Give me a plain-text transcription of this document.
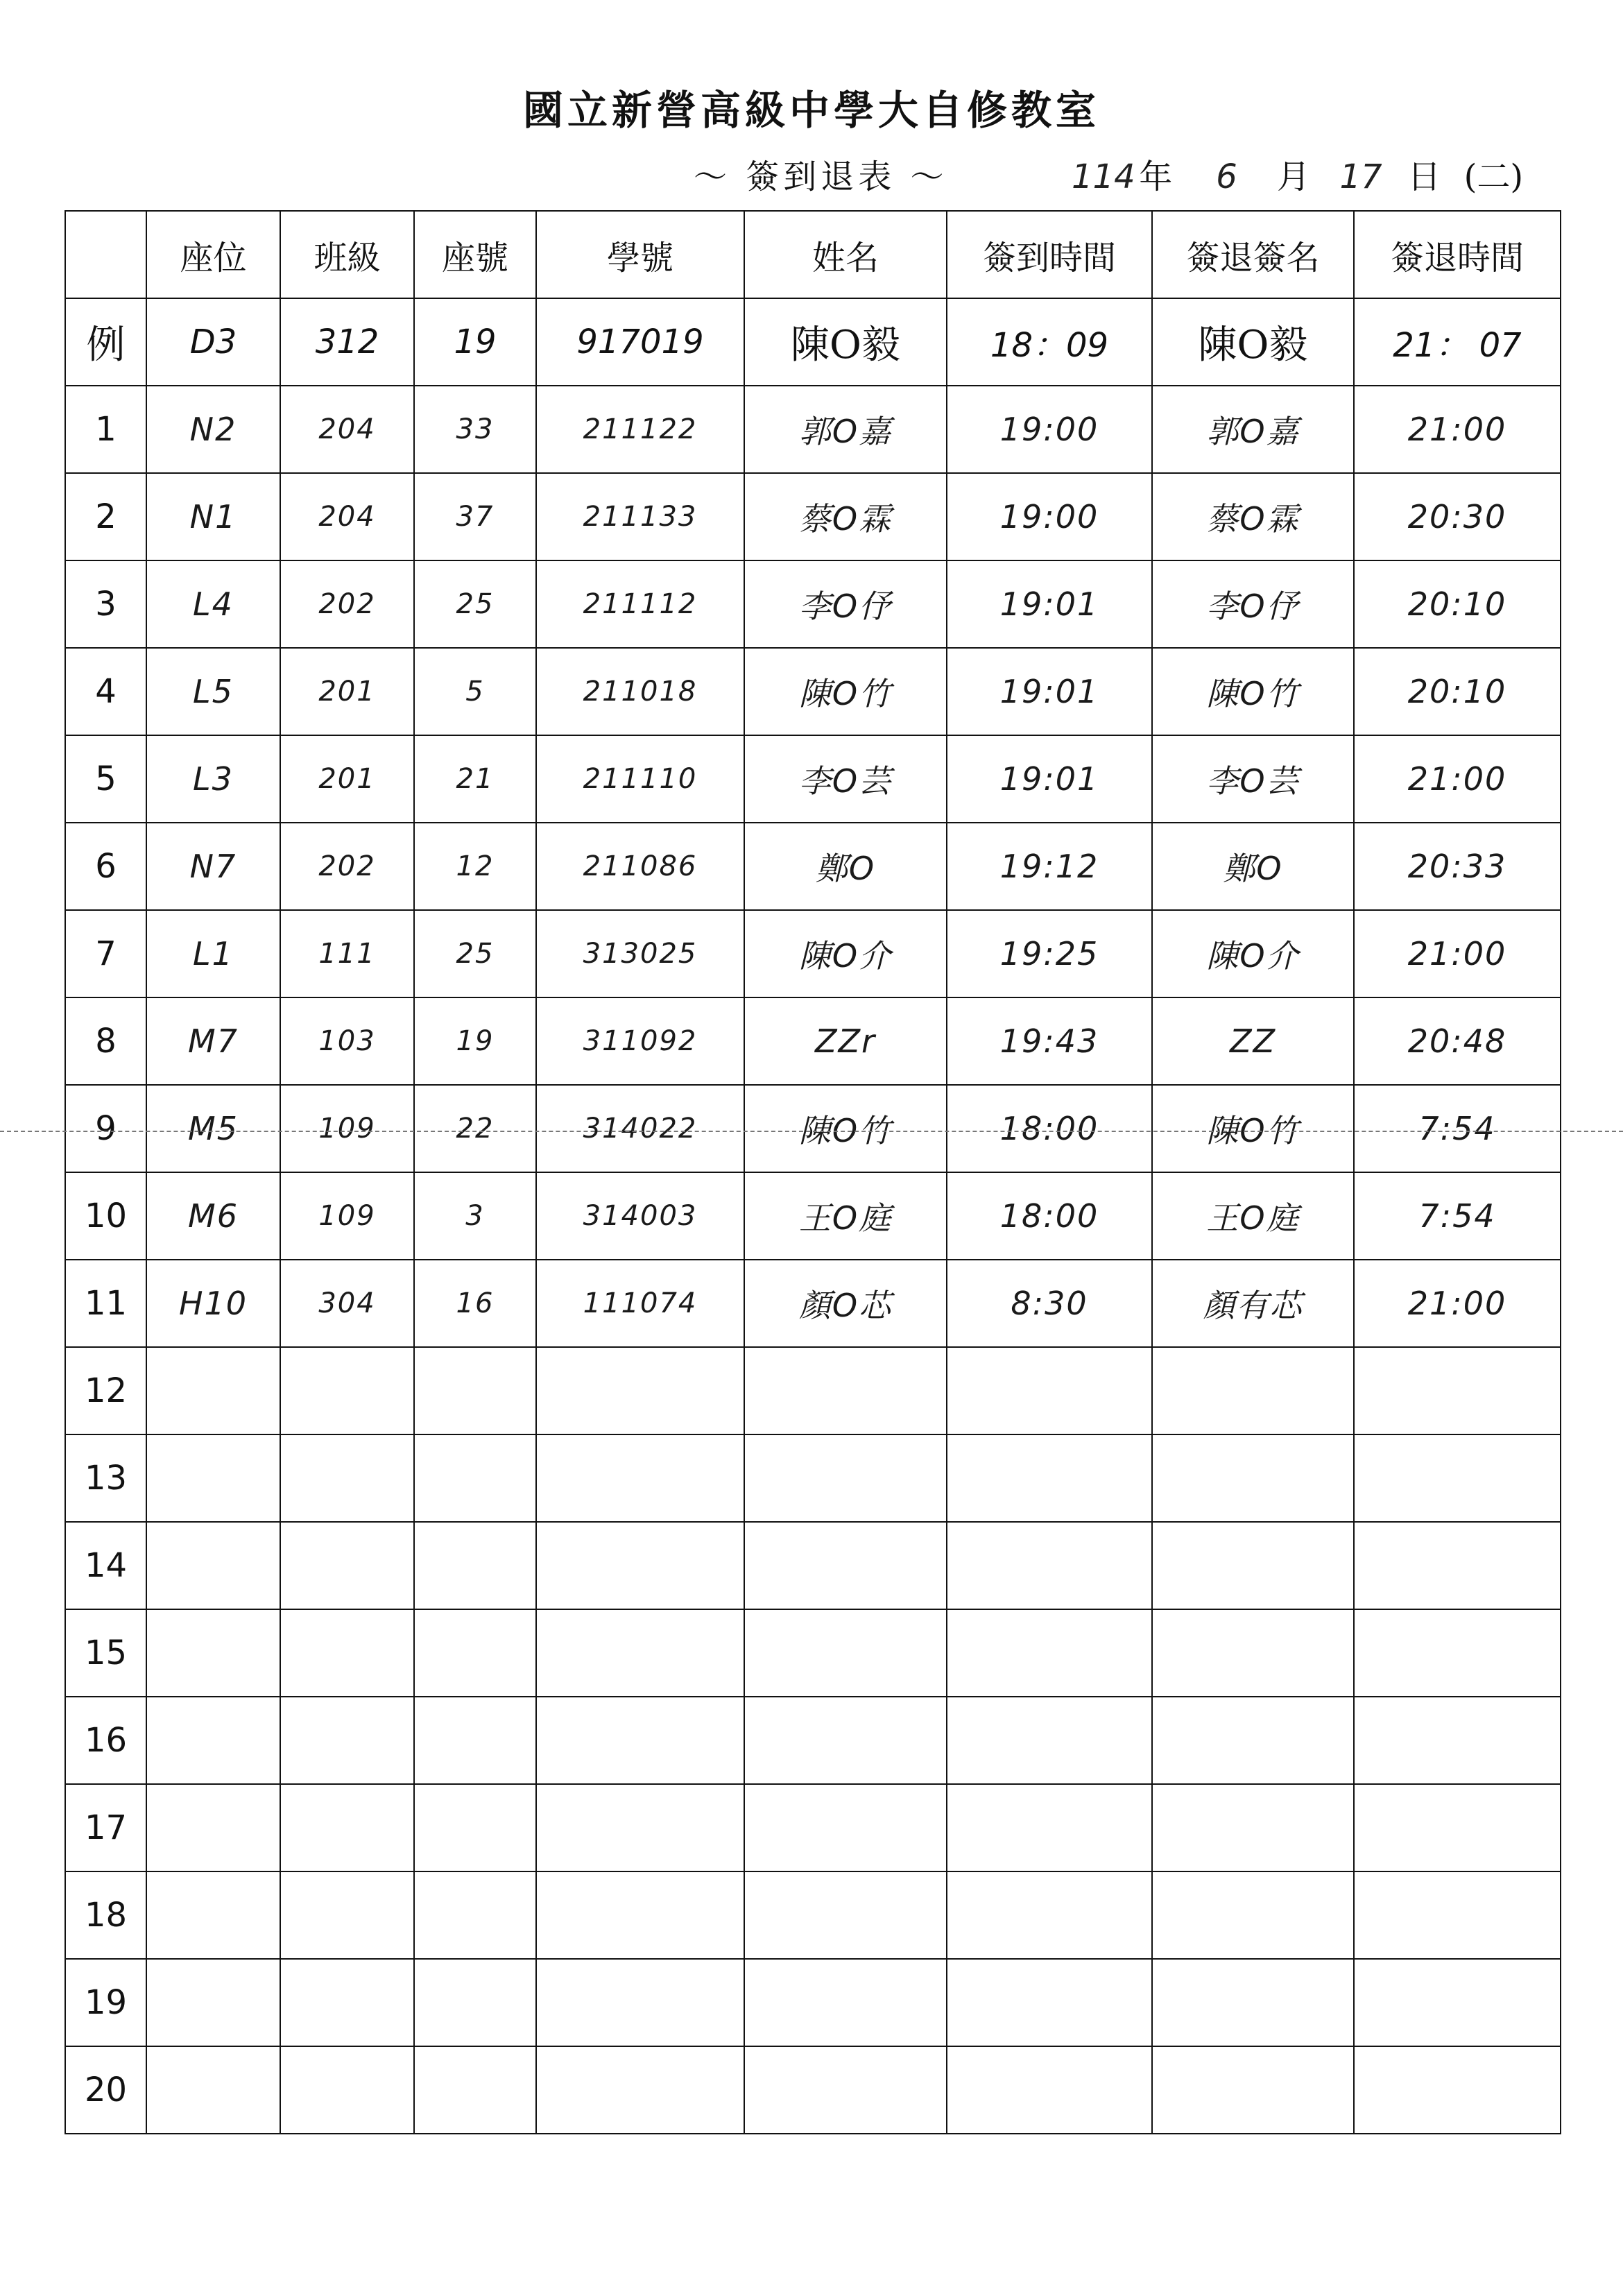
國立新營高級中學大自修教室
～ 簽到退表 ～	114 年 6 月 17 日 (二)
	座位	班級	座號	學號	姓名	簽到時間	簽退簽名	簽退時間
例	D3	312	19	917019	陳O毅	18：09	陳O毅	21： 07
1	N2	204	33	211122	郭O嘉	19:00	郭O嘉	21:00
2	N1	204	37	211133	蔡O霖	19:00	蔡O霖	20:30
3	L4	202	25	211112	李O伃	19:01	李O伃	20:10
4	L5	201	5	211018	陳O竹	19:01	陳O竹	20:10
5	L3	201	21	211110	李O芸	19:01	李O芸	21:00
6	N7	202	12	211086	鄭O	19:12	鄭O	20:33
7	L1	111	25	313025	陳O介	19:25	陳O介	21:00
8	M7	103	19	311092	ZZr	19:43	ZZ	20:48
9	M5	109	22	314022	陳O竹	18:00	陳O竹	7:54
10	M6	109	3	314003	王O庭	18:00	王O庭	7:54
11	H10	304	16	111074	顏O芯	8:30	顏有芯	21:00
12								
13								
14								
15								
16								
17								
18								
19								
20								
